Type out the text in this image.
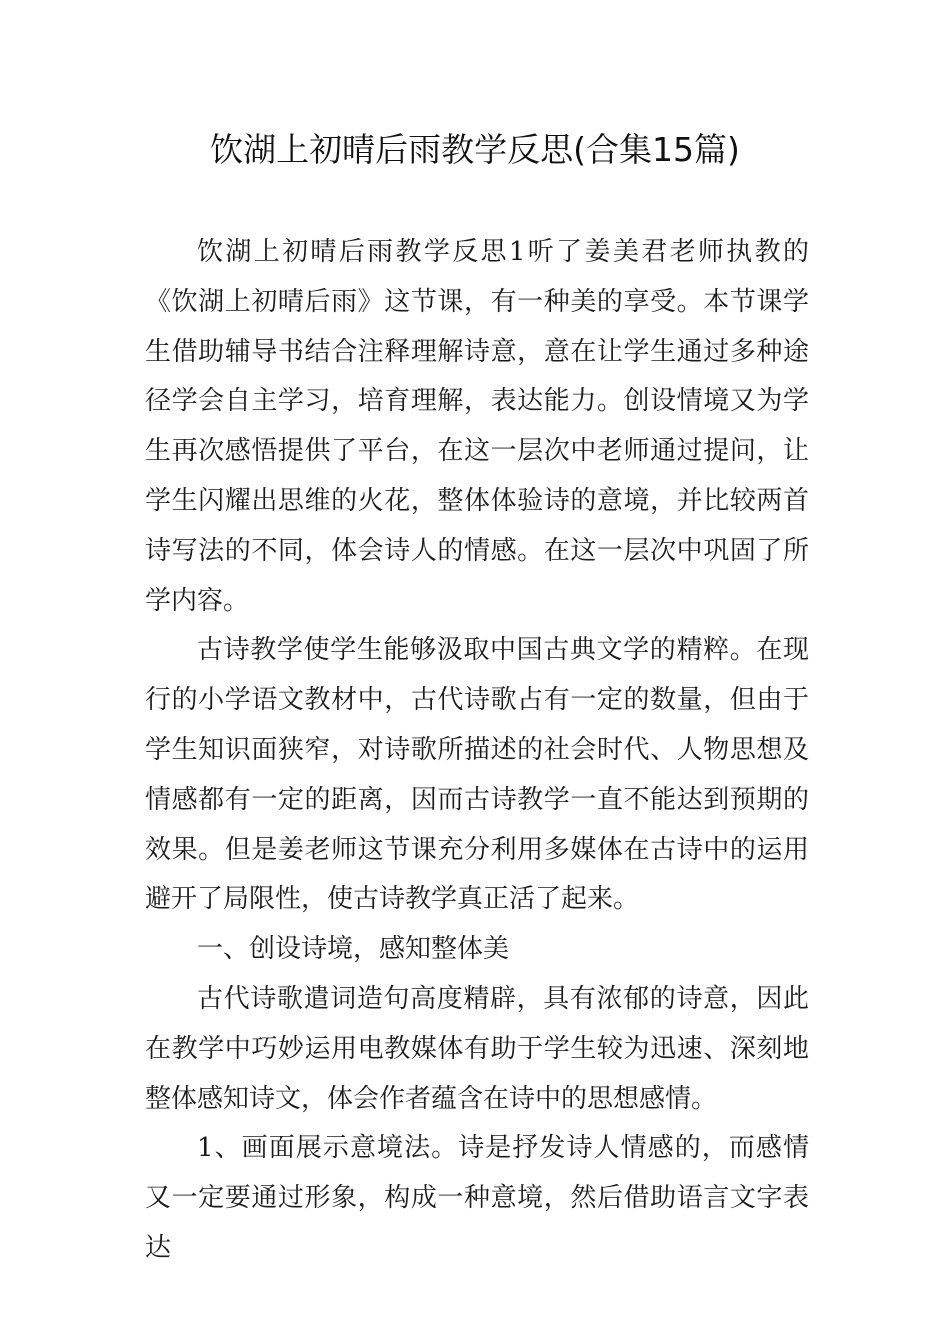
饮湖上初晴后雨教学反思(合集15篇)

饮湖上初晴后雨教学反思1听了姜美君老师执教的《饮湖上初晴后雨》这节课，有一种美的享受。本节课学生借助辅导书结合注释理解诗意，意在让学生通过多种途径学会自主学习，培育理解，表达能力。创设情境又为学生再次感悟提供了平台，在这一层次中老师通过提问，让学生闪耀出思维的火花，整体体验诗的意境，并比较两首诗写法的不同，体会诗人的情感。在这一层次中巩固了所学内容。

古诗教学使学生能够汲取中国古典文学的精粹。在现行的小学语文教材中，古代诗歌占有一定的数量，但由于学生知识面狭窄，对诗歌所描述的社会时代、人物思想及情感都有一定的距离，因而古诗教学一直不能达到预期的效果。但是姜老师这节课充分利用多媒体在古诗中的运用避开了局限性，使古诗教学真正活了起来。

一、创设诗境，感知整体美

古代诗歌遣词造句高度精辟，具有浓郁的诗意，因此在教学中巧妙运用电教媒体有助于学生较为迅速、深刻地整体感知诗文，体会作者蕴含在诗中的思想感情。

1、画面展示意境法。诗是抒发诗人情感的，而感情又一定要通过形象，构成一种意境，然后借助语言文字表达
